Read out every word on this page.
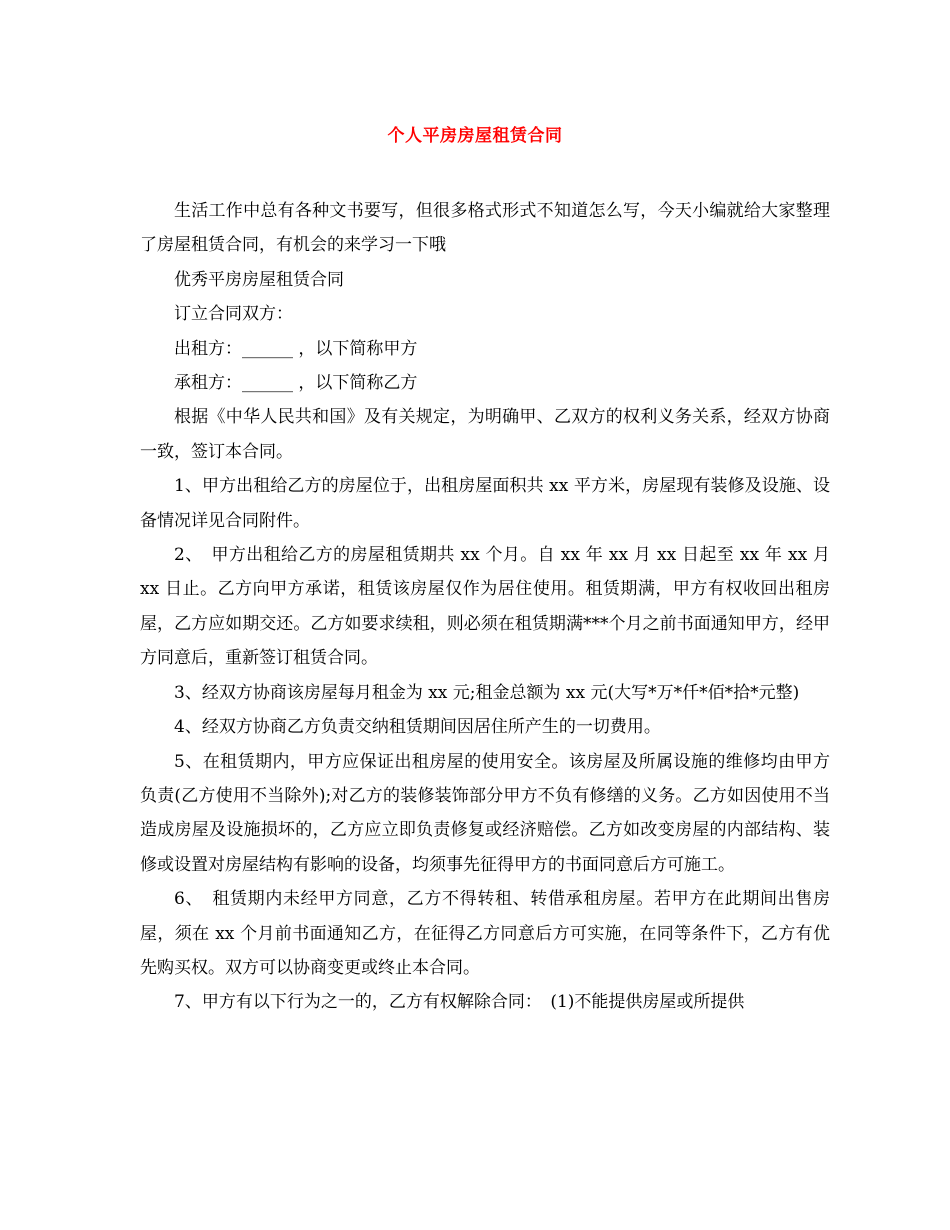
个人平房房屋租赁合同

生活工作中总有各种文书要写，但很多格式形式不知道怎么写，今天小编就给大家整理了房屋租赁合同，有机会的来学习一下哦

优秀平房房屋租赁合同

订立合同双方：

出租方：______ ，以下简称甲方

承租方：______ ，以下简称乙方

根据《中华人民共和国》及有关规定，为明确甲、乙双方的权利义务关系，经双方协商一致，签订本合同。

1、甲方出租给乙方的房屋位于，出租房屋面积共 xx 平方米，房屋现有装修及设施、设备情况详见合同附件。

2、　甲方出租给乙方的房屋租赁期共 xx 个月。自 xx 年 xx 月 xx 日起至 xx 年 xx 月 xx 日止。乙方向甲方承诺，租赁该房屋仅作为居住使用。租赁期满，甲方有权收回出租房屋，乙方应如期交还。乙方如要求续租，则必须在租赁期满***个月之前书面通知甲方，经甲方同意后，重新签订租赁合同。

3、经双方协商该房屋每月租金为 xx 元;租金总额为 xx 元(大写*万*仟*佰*拾*元整)

4、经双方协商乙方负责交纳租赁期间因居住所产生的一切费用。

5、在租赁期内，甲方应保证出租房屋的使用安全。该房屋及所属设施的维修均由甲方负责(乙方使用不当除外);对乙方的装修装饰部分甲方不负有修缮的义务。乙方如因使用不当造成房屋及设施损坏的，乙方应立即负责修复或经济赔偿。乙方如改变房屋的内部结构、装修或设置对房屋结构有影响的设备，均须事先征得甲方的书面同意后方可施工。

6、　租赁期内未经甲方同意，乙方不得转租、转借承租房屋。若甲方在此期间出售房屋，须在 xx 个月前书面通知乙方，在征得乙方同意后方可实施，在同等条件下，乙方有优先购买权。双方可以协商变更或终止本合同。

7、甲方有以下行为之一的，乙方有权解除合同：　(1)不能提供房屋或所提供
